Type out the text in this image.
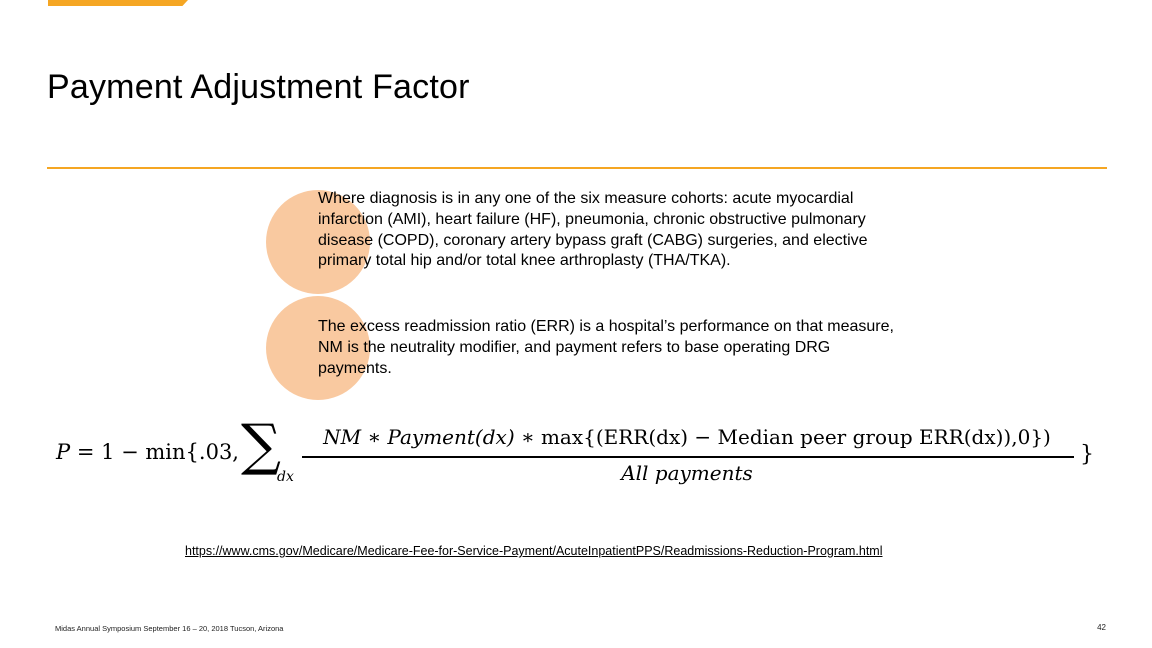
Payment Adjustment Factor
Where diagnosis is in any one of the six measure cohorts: acute myocardial infarction (AMI), heart failure (HF), pneumonia, chronic obstructive pulmonary disease (COPD), coronary artery bypass graft (CABG) surgeries, and elective primary total hip and/or total knee arthroplasty (THA/TKA).
The excess readmission ratio (ERR) is a hospital’s performance on that measure, NM is the neutrality modifier, and payment refers to base operating DRG payments.
P = 1 − min{.03, ∑
dx
NM ∗ Payment(dx) ∗ max{(ERR(dx) − Median peer group ERR(dx)),0})
All payments
}
https://www.cms.gov/Medicare/Medicare-Fee-for-Service-Payment/AcuteInpatientPPS/Readmissions-Reduction-Program.html
Midas Annual Symposium September 16 – 20, 2018 Tucson, Arizona	42
